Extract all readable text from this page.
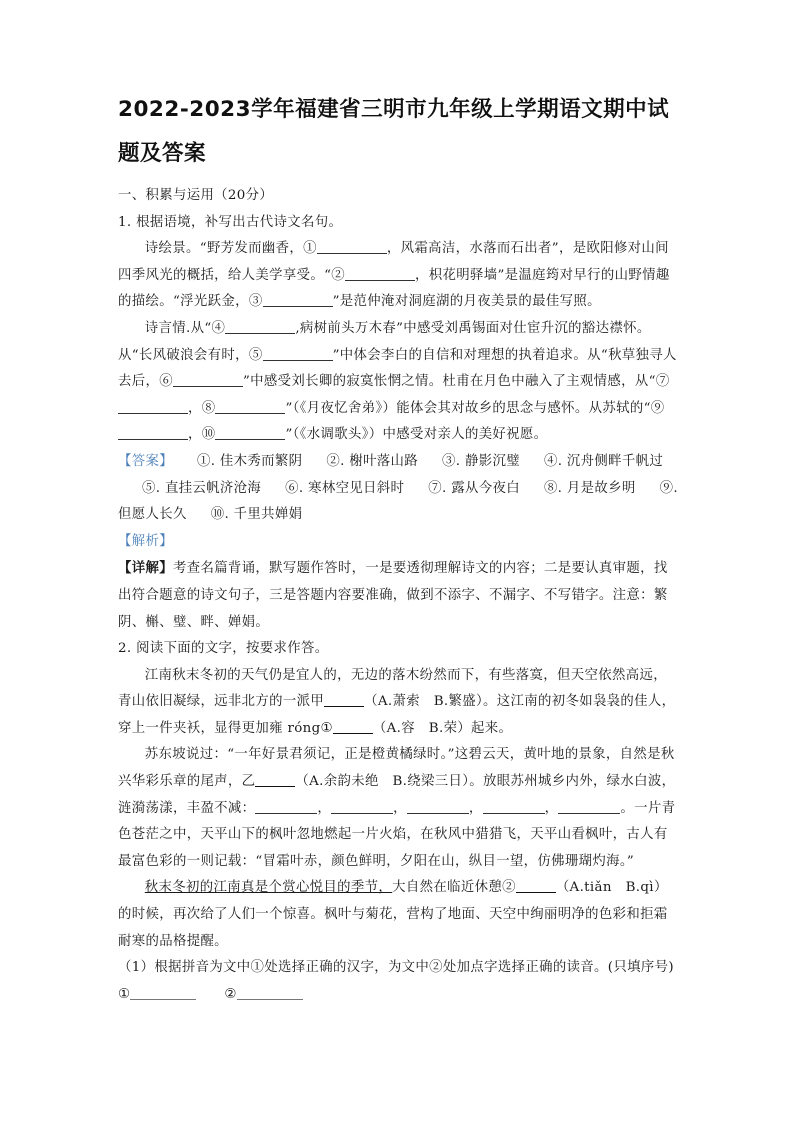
2022-2023学年福建省三明市九年级上学期语文期中试题及答案

一、积累与运用（20分）

1. 根据语境，补写出古代诗文名句。

诗绘景。“野芳发而幽香，①	，风霜高洁，水落而石出者”，是欧阳修对山间四季风光的概括，给人美学享受。“②	，枳花明驿墙”是温庭筠对早行的山野情趣的描绘。“浮光跃金，③	”是范仲淹对洞庭湖的月夜美景的最佳写照。

诗言情.从“④	,病树前头万木春”中感受刘禹锡面对仕宦升沉的豁达襟怀。从“长风破浪会有时，⑤	”中体会李白的自信和对理想的执着追求。从“秋草独寻人去后，⑥	”中感受刘长卿的寂寞怅惘之情。杜甫在月色中融入了主观情感，从“⑦，⑧	”（《月夜忆舍弟》）能体会其对故乡的思念与感怀。从苏轼的“⑨，⑩	”（《水调歌头》）中感受对亲人的美好祝愿。

【答案】 ①. 佳木秀而繁阴 ②. 榭叶落山路 ③. 静影沉璧 ④. 沉舟侧畔千帆过⑤. 直挂云帆济沧海 ⑥. 寒林空见日斜时 ⑦. 露从今夜白 ⑧. 月是故乡明 ⑨. 但愿人长久 ⑩. 千里共婵娟

【解析】

【详解】考查名篇背诵，默写题作答时，一是要透彻理解诗文的内容；二是要认真审题，找出符合题意的诗文句子，三是答题内容要准确，做到不添字、不漏字、不写错字。注意：繁阴、槲、璧、畔、婵娟。

2. 阅读下面的文字，按要求作答。

江南秋末冬初的天气仍是宜人的，无边的落木纷然而下，有些落寞，但天空依然高远，青山依旧凝绿，远非北方的一派甲	（A.萧索　B.繁盛）。这江南的初冬如袅袅的佳人，穿上一件夹袄，显得更加雍 róng①	（A.容　B.荣）起来。

苏东坡说过：“一年好景君须记，正是橙黄橘绿时。”这碧云天，黄叶地的景象，自然是秋兴华彩乐章的尾声，乙	（A.余韵未绝　B.绕梁三日）。放眼苏州城乡内外，绿水白波，涟漪荡漾，丰盈不减：	，	，	，	，	。一片青色苍茫之中，天平山下的枫叶忽地燃起一片火焰，在秋风中猎猎飞，天平山看枫叶，古人有最富色彩的一则记载：“冒霜叶赤，颜色鲜明，夕阳在山，纵目一望，仿佛珊瑚灼海。”

秋末冬初的江南真是个赏心悦目的季节，大自然在临近休憩②	（A.tiǎn　B.qì）的时候，再次给了人们一个惊喜。枫叶与菊花，营构了地面、天空中绚丽明净的色彩和拒霜耐寒的品格提醒。

（1）根据拼音为文中①处选择正确的汉字，为文中②处加点字选择正确的读音。(只填序号)

①	②
